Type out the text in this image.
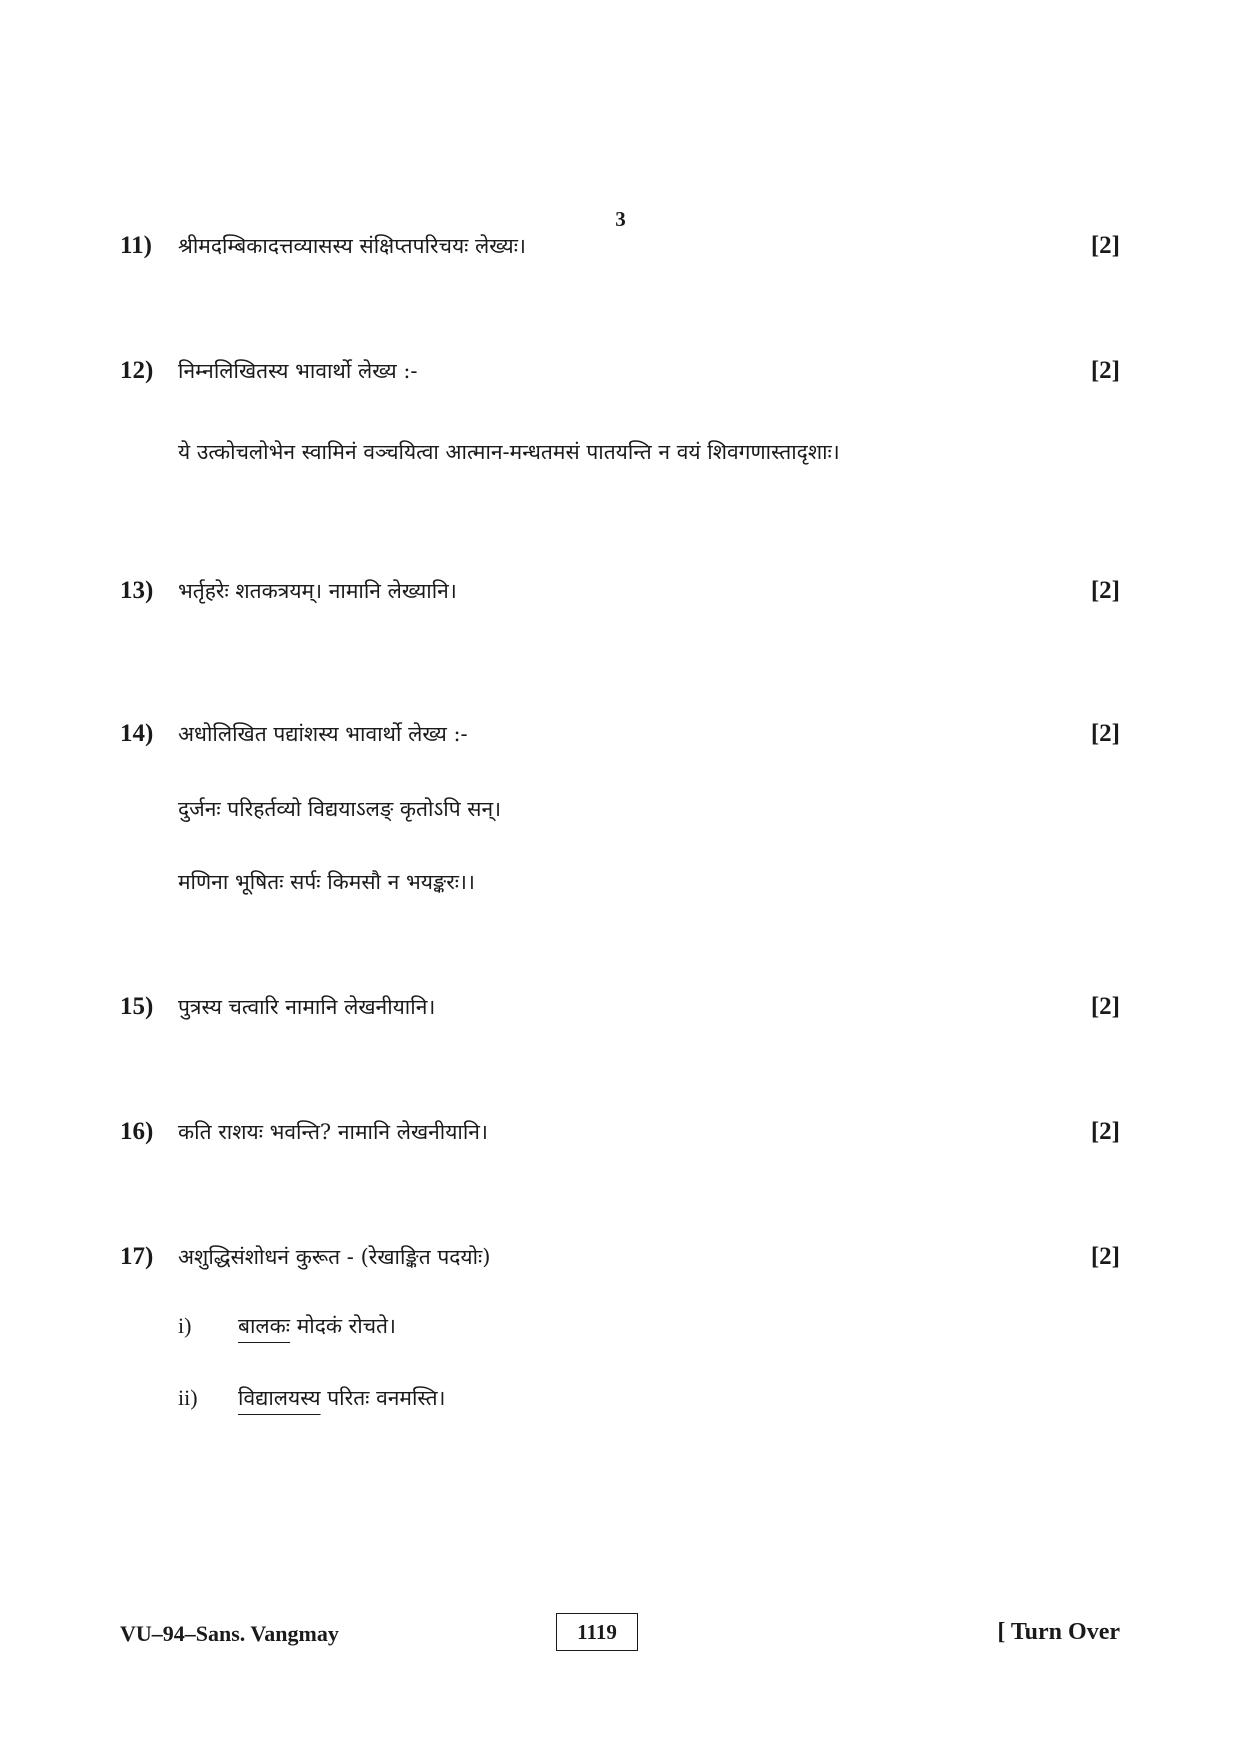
3
11)	श्रीमदम्बिकादत्तव्यासस्य संक्षिप्तपरिचयः लेख्यः।	[2]
12)	निम्नलिखितस्य भावार्थो लेख्य :-	[2]
ये उत्कोचलोभेन स्वामिनं वञ्चयित्वा आत्मान-मन्धतमसं पातयन्ति न वयं शिवगणास्तादृशाः।
13)	भर्तृहरेः शतकत्रयम्। नामानि लेख्यानि।	[2]
14)	अधोलिखित पद्यांशस्य भावार्थो लेख्य :-	[2]
दुर्जनः परिहर्तव्यो विद्ययाऽलङ् कृतोऽपि सन्।
मणिना भूषितः सर्पः किमसौ न भयङ्करः।।
15)	पुत्रस्य चत्वारि नामानि लेखनीयानि।	[2]
16)	कति राशयः भवन्ति? नामानि लेखनीयानि।	[2]
17)	अशुद्धिसंशोधनं कुरूत - (रेखाङ्कित पदयोः)	[2]
i)	बालकः मोदकं रोचते।
ii)	विद्यालयस्य परितः वनमस्ति।
VU–94–Sans. Vangmay	1119	[ Turn Over
